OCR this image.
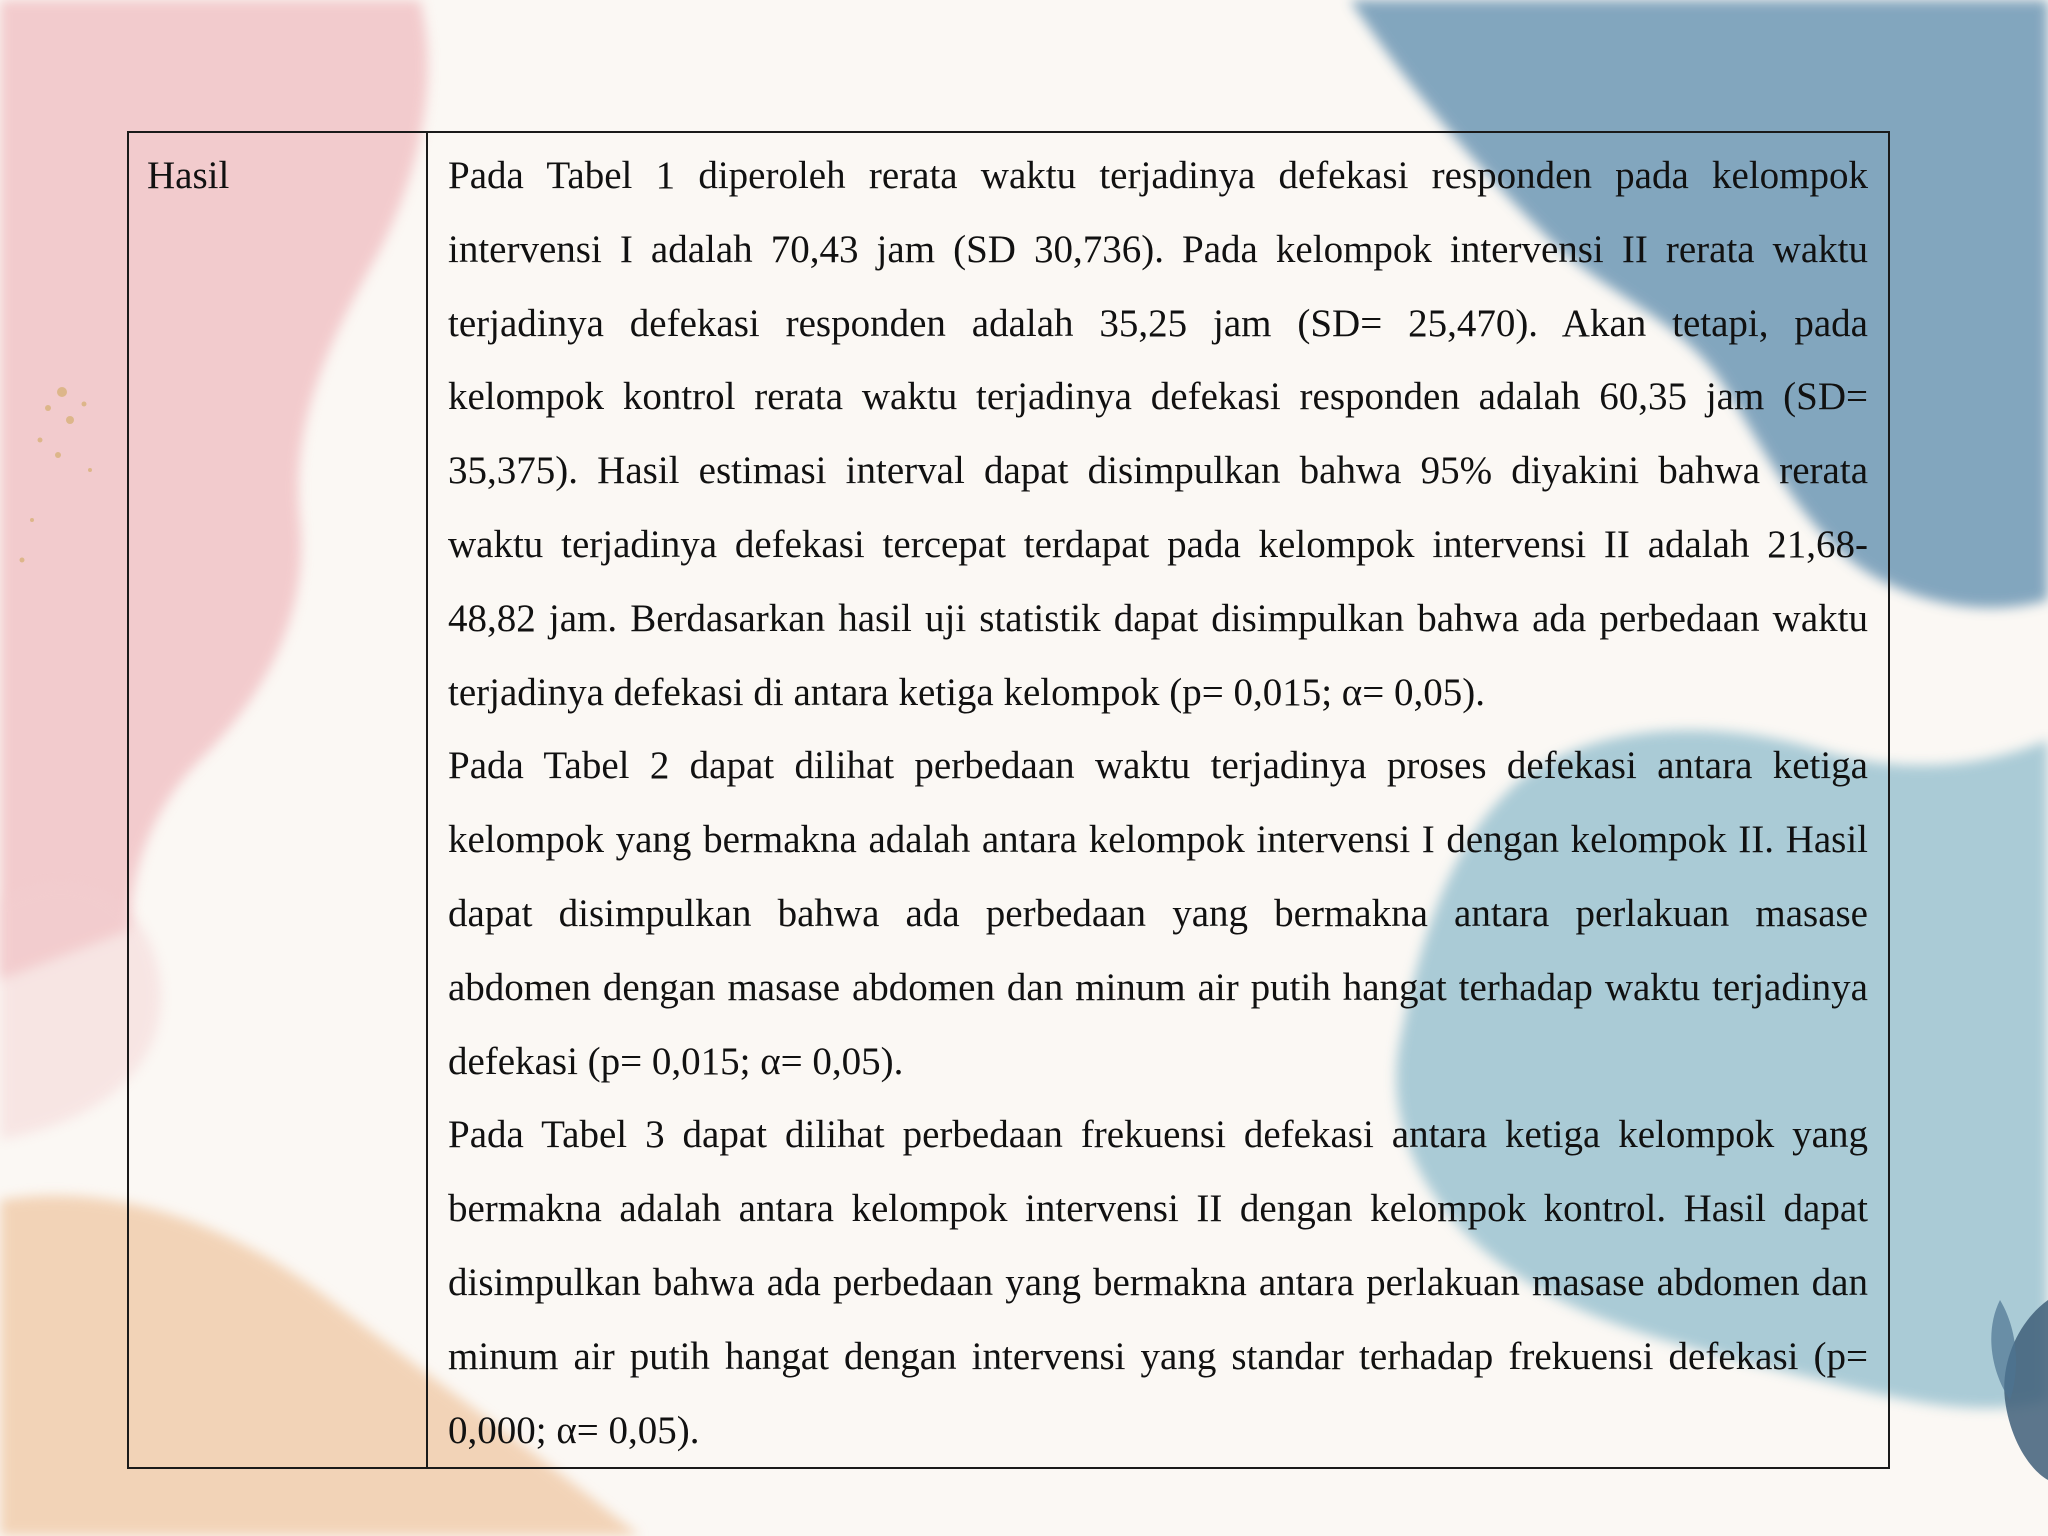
Hasil	Pada Tabel 1 diperoleh rerata waktu terjadinya defekasi responden pada kelompok intervensi I adalah 70,43 jam (SD 30,736). Pada kelompok intervensi II rerata waktu terjadinya defekasi responden adalah 35,25 jam (SD= 25,470). Akan tetapi, pada kelompok kontrol rerata waktu terjadinya defekasi responden adalah 60,35 jam (SD= 35,375). Hasil estimasi interval dapat disimpulkan bahwa 95% diyakini bahwa rerata waktu terjadinya defekasi tercepat terdapat pada kelompok intervensi II adalah 21,68-48,82 jam. Berdasarkan hasil uji statistik dapat disimpulkan bahwa ada perbedaan waktu terjadinya defekasi di antara ketiga kelompok (p= 0,015; α= 0,05).

Pada Tabel 2 dapat dilihat perbedaan waktu terjadinya proses defekasi antara ketiga kelompok yang bermakna adalah antara kelompok intervensi I dengan kelompok II. Hasil dapat disimpulkan bahwa ada perbedaan yang bermakna antara perlakuan masase abdomen dengan masase abdomen dan minum air putih hangat terhadap waktu terjadinya defekasi (p= 0,015; α= 0,05).

Pada Tabel 3 dapat dilihat perbedaan frekuensi defekasi antara ketiga kelompok yang bermakna adalah antara kelompok intervensi II dengan kelompok kontrol. Hasil dapat disimpulkan bahwa ada perbedaan yang bermakna antara perlakuan masase abdomen dan minum air putih hangat dengan intervensi yang standar terhadap frekuensi defekasi (p= 0,000; α= 0,05).
